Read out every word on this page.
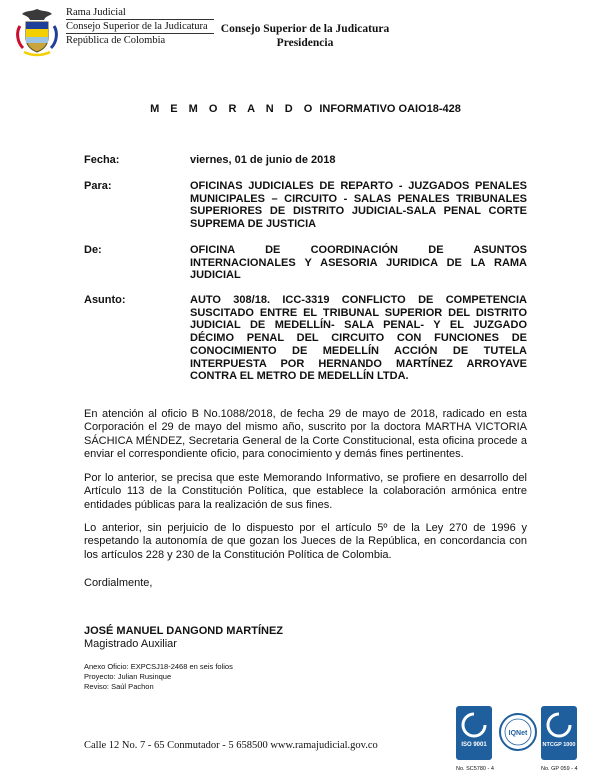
Rama Judicial
Consejo Superior de la Judicatura
República de Colombia
Consejo Superior de la Judicatura
Presidencia
M E M O R A N D O INFORMATIVO OAIO18-428
Fecha:	viernes, 01 de junio de 2018
Para:	OFICINAS JUDICIALES DE REPARTO - JUZGADOS PENALES
MUNICIPALES – CIRCUITO - SALAS PENALES TRIBUNALES
SUPERIORES DE DISTRITO JUDICIAL-SALA PENAL CORTE
SUPREMA DE JUSTICIA
De:	OFICINA DE COORDINACIÓN DE ASUNTOS
INTERNACIONALES Y ASESORIA JURIDICA DE LA RAMA
JUDICIAL
Asunto:	AUTO 308/18. ICC-3319 CONFLICTO DE COMPETENCIA
SUSCITADO ENTRE EL TRIBUNAL SUPERIOR DEL DISTRITO
JUDICIAL DE MEDELLÍN- SALA PENAL- Y EL JUZGADO
DÉCIMO PENAL DEL CIRCUITO CON FUNCIONES DE
CONOCIMIENTO DE MEDELLÍN ACCIÓN DE TUTELA
INTERPUESTA POR HERNANDO MARTÍNEZ ARROYAVE
CONTRA EL METRO DE MEDELLÍN LTDA.
En atención al oficio B No.1088/2018, de fecha 29 de mayo de 2018, radicado en esta
Corporación el 29 de mayo del mismo año, suscrito por la doctora MARTHA VICTORIA
SÁCHICA MÉNDEZ, Secretaria General de la Corte Constitucional, esta oficina procede a
enviar el correspondiente oficio, para conocimiento y demás fines pertinentes.
Por lo anterior, se precisa que este Memorando Informativo, se profiere en desarrollo del
Artículo 113 de la Constitución Política, que establece la colaboración armónica entre
entidades públicas para la realización de sus fines.
Lo anterior, sin perjuicio de lo dispuesto por el artículo 5º de la Ley 270 de 1996 y
respetando la autonomía de que gozan los Jueces de la República, en concordancia con
los artículos 228 y 230 de la Constitución Política de Colombia.
Cordialmente,
JOSÉ MANUEL DANGOND MARTÍNEZ
Magistrado Auxiliar
Anexo Oficio: EXPCSJ18-2468 en seis folios
Proyecto: Julian Rusinque
Reviso: Saúl Pachon
Calle 12 No. 7 - 65 Conmutador - 5 658500 www.ramajudicial.gov.co	ISO 9001
No. SC5780 - 4
IQNet
NTCGP 1000
No. GP 059 - 4
